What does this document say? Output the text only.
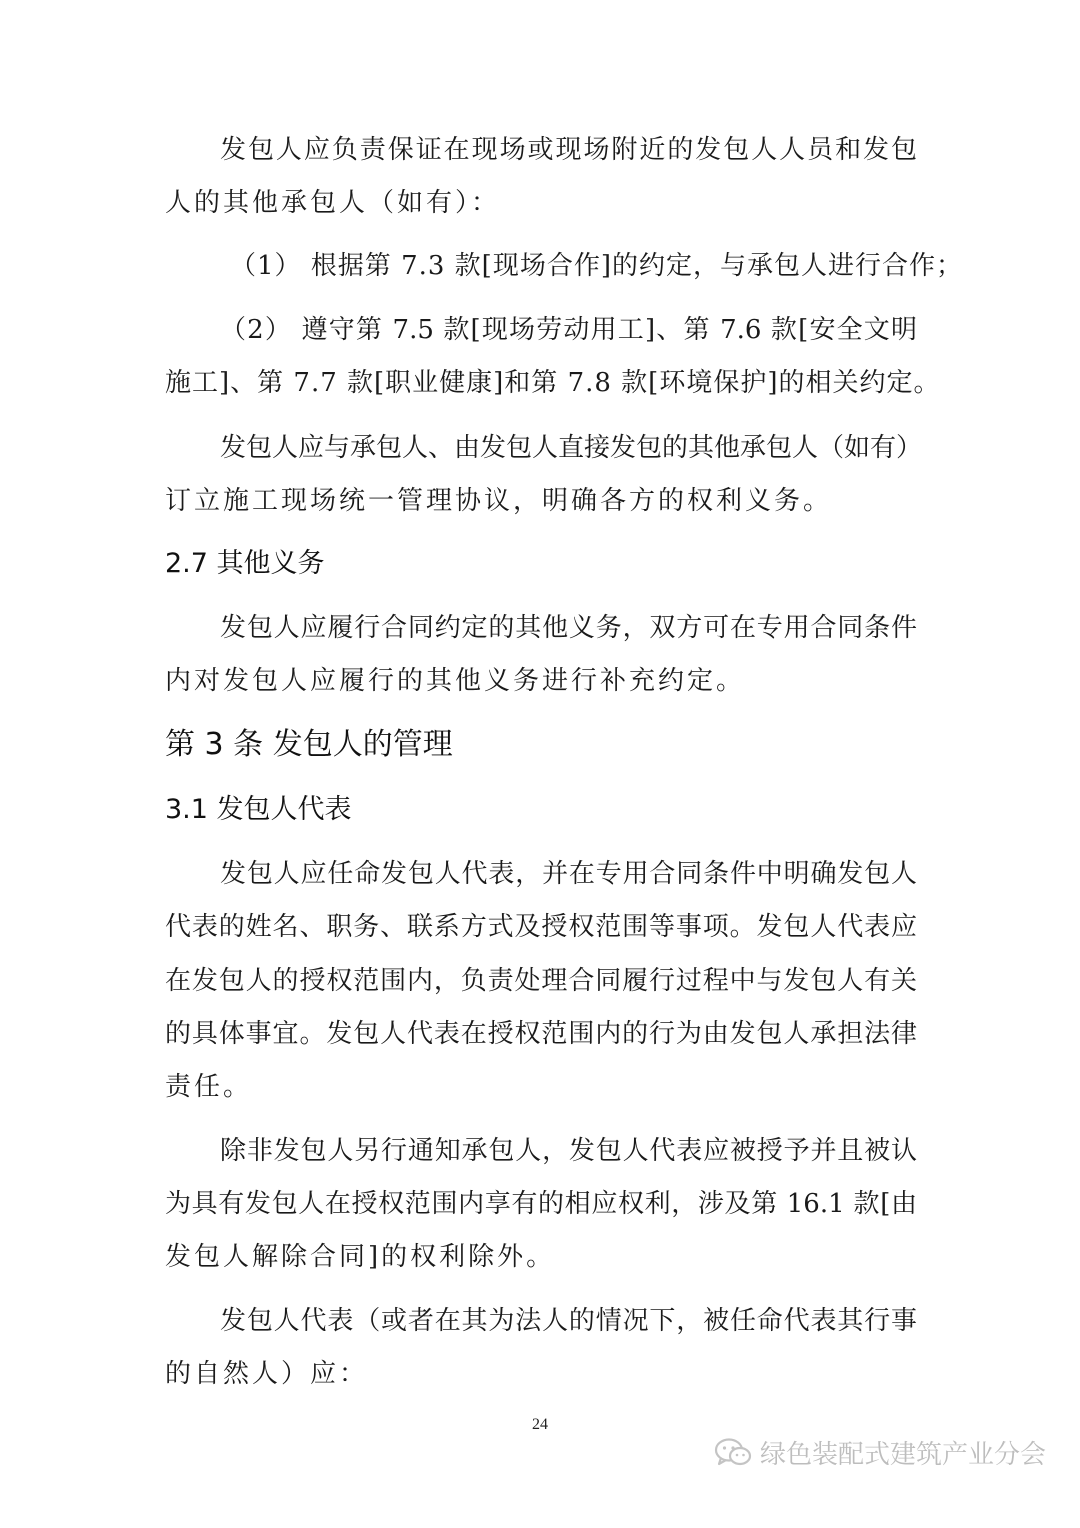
发包人应负责保证在现场或现场附近的发包人人员和发包
人的其他承包人（如有）：
（1） 根据第 7.3 款[现场合作]的约定，与承包人进行合作；
（2） 遵守第 7.5 款[现场劳动用工]、第 7.6 款[安全文明
施工]、第 7.7 款[职业健康]和第 7.8 款[环境保护]的相关约定。
发包人应与承包人、由发包人直接发包的其他承包人（如有）
订立施工现场统一管理协议，明确各方的权利义务。
2.7 其他义务
发包人应履行合同约定的其他义务，双方可在专用合同条件
内对发包人应履行的其他义务进行补充约定。
第 3 条 发包人的管理
3.1 发包人代表
发包人应任命发包人代表，并在专用合同条件中明确发包人
代表的姓名、职务、联系方式及授权范围等事项。发包人代表应
在发包人的授权范围内，负责处理合同履行过程中与发包人有关
的具体事宜。发包人代表在授权范围内的行为由发包人承担法律
责任。
除非发包人另行通知承包人，发包人代表应被授予并且被认
为具有发包人在授权范围内享有的相应权利，涉及第 16.1 款[由
发包人解除合同]的权利除外。
发包人代表（或者在其为法人的情况下，被任命代表其行事
的自然人）应：
24
绿色装配式建筑产业分会
